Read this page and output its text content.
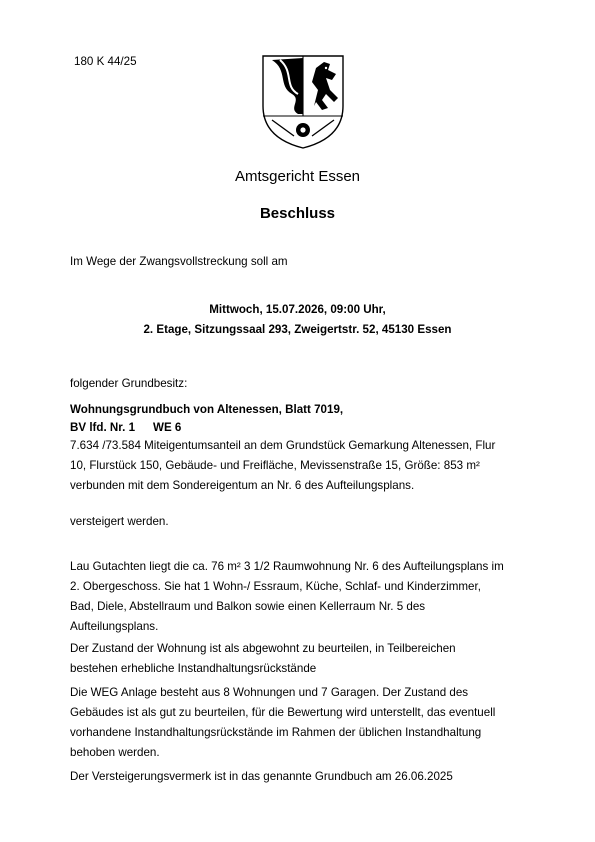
180 K 44/25
Amtsgericht Essen
Beschluss
Im Wege der Zwangsvollstreckung soll am
Mittwoch, 15.07.2026, 09:00 Uhr,
2. Etage, Sitzungssaal 293, Zweigertstr. 52, 45130 Essen
folgender Grundbesitz:
Wohnungsgrundbuch von Altenessen, Blatt 7019,
BV lfd. Nr. 1 WE 6
7.634 /73.584 Miteigentumsanteil an dem Grundstück Gemarkung Altenessen, Flur
10, Flurstück 150, Gebäude- und Freifläche, Mevissenstraße 15, Größe: 853 m²
verbunden mit dem Sondereigentum an Nr. 6 des Aufteilungsplans.
versteigert werden.
Lau Gutachten liegt die ca. 76 m² 3 1/2 Raumwohnung Nr. 6 des Aufteilungsplans im
2. Obergeschoss. Sie hat 1 Wohn-/ Essraum, Küche, Schlaf- und Kinderzimmer,
Bad, Diele, Abstellraum und Balkon sowie einen Kellerraum Nr. 5 des
Aufteilungsplans.
Der Zustand der Wohnung ist als abgewohnt zu beurteilen, in Teilbereichen
bestehen erhebliche Instandhaltungsrückstände
Die WEG Anlage besteht aus 8 Wohnungen und 7 Garagen. Der Zustand des
Gebäudes ist als gut zu beurteilen, für die Bewertung wird unterstellt, das eventuell
vorhandene Instandhaltungsrückstände im Rahmen der üblichen Instandhaltung
behoben werden.
Der Versteigerungsvermerk ist in das genannte Grundbuch am 26.06.2025
